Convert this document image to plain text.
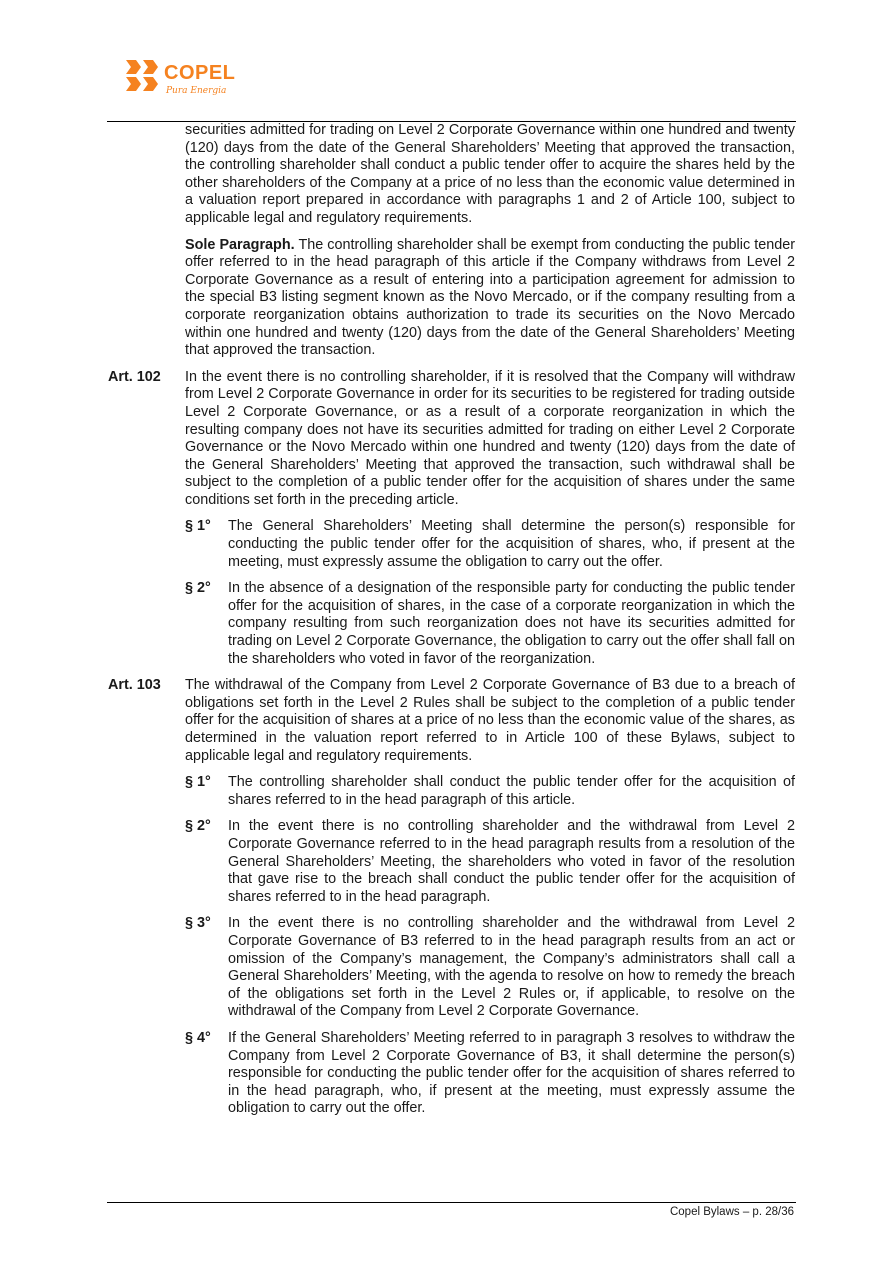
COPEL
Pura Energia

securities admitted for trading on Level 2 Corporate Governance within one hundred and twenty (120) days from the date of the General Shareholders’ Meeting that approved the transaction, the controlling shareholder shall conduct a public tender offer to acquire the shares held by the other shareholders of the Company at a price of no less than the economic value determined in a valuation report prepared in accordance with paragraphs 1 and 2 of Article 100, subject to applicable legal and regulatory requirements.

Sole Paragraph. The controlling shareholder shall be exempt from conducting the public tender offer referred to in the head paragraph of this article if the Company withdraws from Level 2 Corporate Governance as a result of entering into a participation agreement for admission to the special B3 listing segment known as the Novo Mercado, or if the company resulting from a corporate reorganization obtains authorization to trade its securities on the Novo Mercado within one hundred and twenty (120) days from the date of the General Shareholders’ Meeting that approved the transaction.

Art. 102	In the event there is no controlling shareholder, if it is resolved that the Company will withdraw from Level 2 Corporate Governance in order for its securities to be registered for trading outside Level 2 Corporate Governance, or as a result of a corporate reorganization in which the resulting company does not have its securities admitted for trading on either Level 2 Corporate Governance or the Novo Mercado within one hundred and twenty (120) days from the date of the General Shareholders’ Meeting that approved the transaction, such withdrawal shall be subject to the completion of a public tender offer for the acquisition of shares under the same conditions set forth in the preceding article.
§ 1°	The General Shareholders’ Meeting shall determine the person(s) responsible for conducting the public tender offer for the acquisition of shares, who, if present at the meeting, must expressly assume the obligation to carry out the offer.
§ 2°	In the absence of a designation of the responsible party for conducting the public tender offer for the acquisition of shares, in the case of a corporate reorganization in which the company resulting from such reorganization does not have its securities admitted for trading on Level 2 Corporate Governance, the obligation to carry out the offer shall fall on the shareholders who voted in favor of the reorganization.
Art. 103	The withdrawal of the Company from Level 2 Corporate Governance of B3 due to a breach of obligations set forth in the Level 2 Rules shall be subject to the completion of a public tender offer for the acquisition of shares at a price of no less than the economic value of the shares, as determined in the valuation report referred to in Article 100 of these Bylaws, subject to applicable legal and regulatory requirements.
§ 1°	The controlling shareholder shall conduct the public tender offer for the acquisition of shares referred to in the head paragraph of this article.
§ 2°	In the event there is no controlling shareholder and the withdrawal from Level 2 Corporate Governance referred to in the head paragraph results from a resolution of the General Shareholders’ Meeting, the shareholders who voted in favor of the resolution that gave rise to the breach shall conduct the public tender offer for the acquisition of shares referred to in the head paragraph.
§ 3°	In the event there is no controlling shareholder and the withdrawal from Level 2 Corporate Governance of B3 referred to in the head paragraph results from an act or omission of the Company’s management, the Company’s administrators shall call a General Shareholders’ Meeting, with the agenda to resolve on how to remedy the breach of the obligations set forth in the Level 2 Rules or, if applicable, to resolve on the withdrawal of the Company from Level 2 Corporate Governance.
§ 4°	If the General Shareholders’ Meeting referred to in paragraph 3 resolves to withdraw the Company from Level 2 Corporate Governance of B3, it shall determine the person(s) responsible for conducting the public tender offer for the acquisition of shares referred to in the head paragraph, who, if present at the meeting, must expressly assume the obligation to carry out the offer.
Copel Bylaws – p. 28/36
